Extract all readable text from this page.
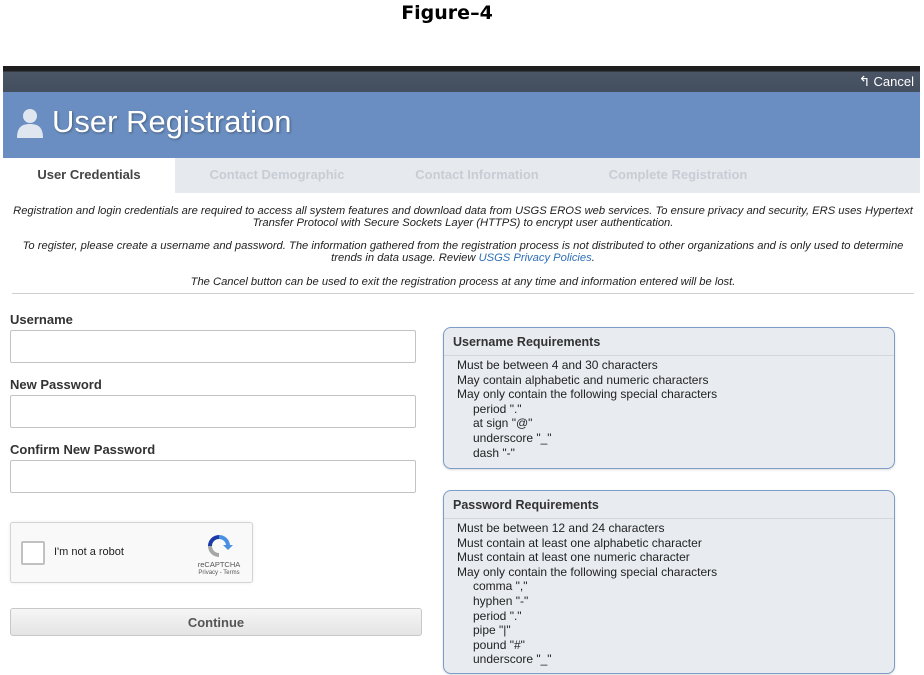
Figure–4
↰ Cancel
User Registration
User Credentials	Contact Demographic	Contact Information	Complete Registration

Registration and login credentials are required to access all system features and download data from USGS EROS web services. To ensure privacy and security, ERS uses Hypertext Transfer Protocol with Secure Sockets Layer (HTTPS) to encrypt user authentication.

To register, please create a username and password. The information gathered from the registration process is not distributed to other organizations and is only used to determine trends in data usage. Review USGS Privacy Policies.

The Cancel button can be used to exit the registration process at any time and information entered will be lost.

Username
New Password
Confirm New Password
I'm not a robot
reCAPTCHA
Privacy - Terms
Continue
Username Requirements
Must be between 4 and 30 characters
May contain alphabetic and numeric characters
May only contain the following special characters
period "."
at sign "@"
underscore "_"
dash "-"
Password Requirements
Must be between 12 and 24 characters
Must contain at least one alphabetic character
Must contain at least one numeric character
May only contain the following special characters
comma ","
hyphen "-"
period "."
pipe "|"
pound "#"
underscore "_"
